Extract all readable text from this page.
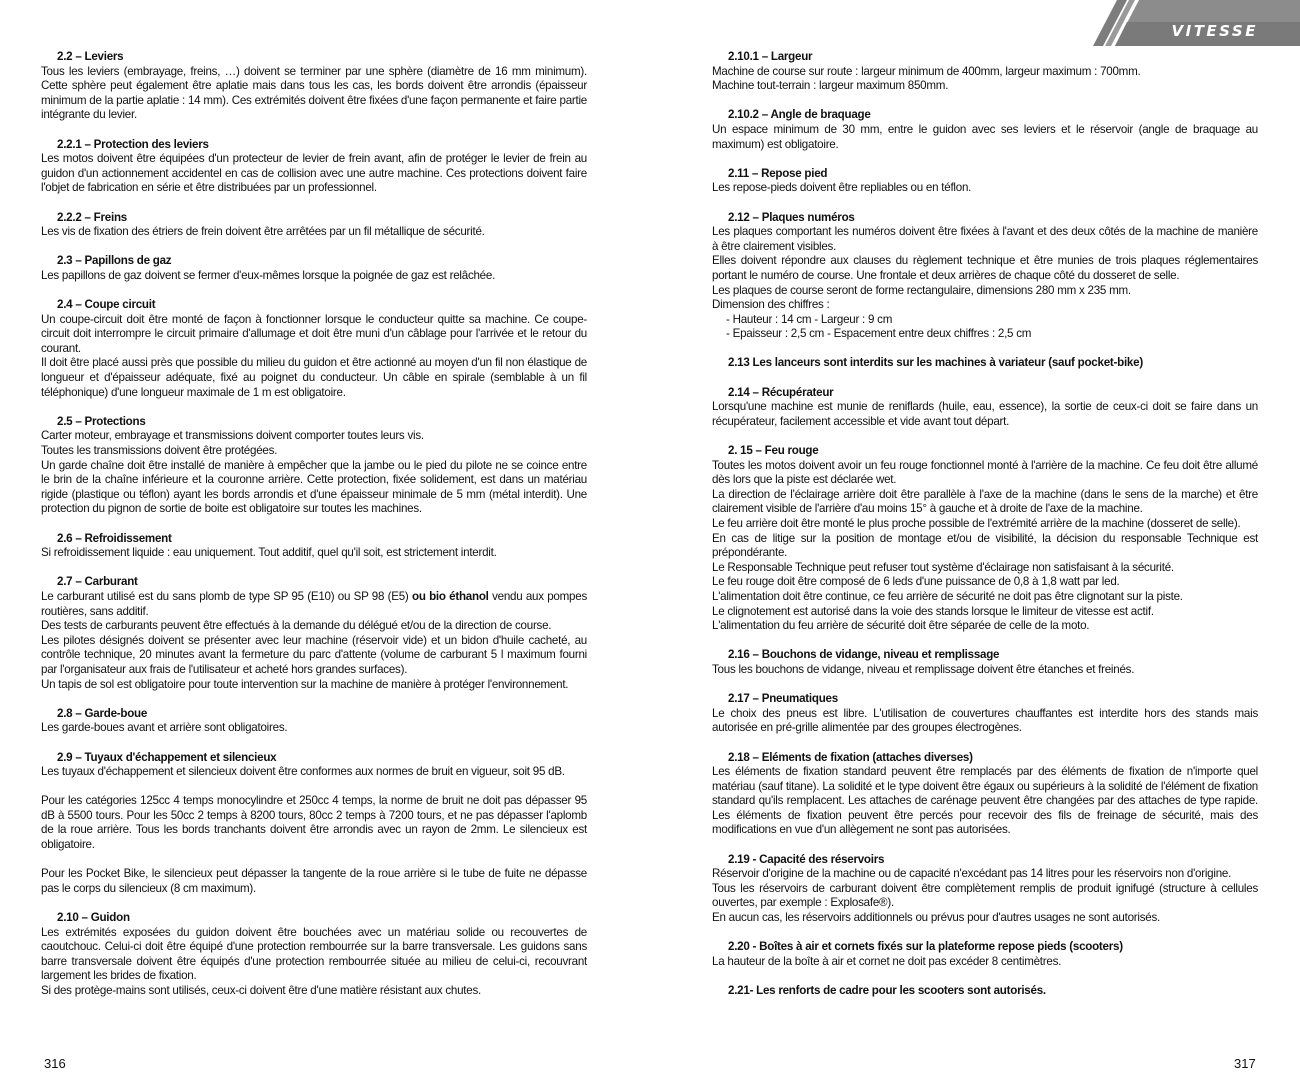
VITESSE
2.2 – Leviers
Tous les leviers (embrayage, freins, …) doivent se terminer par une sphère (diamètre de 16 mm minimum). Cette sphère peut également être aplatie mais dans tous les cas, les bords doivent être arrondis (épaisseur minimum de la partie aplatie : 14 mm). Ces extrémités doivent être fixées d'une façon permanente et faire partie intégrante du levier.
2.2.1 – Protection des leviers
Les motos doivent être équipées d'un protecteur de levier de frein avant, afin de protéger le levier de frein au guidon d'un actionnement accidentel en cas de collision avec une autre machine. Ces protections doivent faire l'objet de fabrication en série et être distribuées par un professionnel.
2.2.2 – Freins
Les vis de fixation des étriers de frein doivent être arrêtées par un fil métallique de sécurité.
2.3 – Papillons de gaz
Les papillons de gaz doivent se fermer d'eux-mêmes lorsque la poignée de gaz est relâchée.
2.4 – Coupe circuit
Un coupe-circuit doit être monté de façon à fonctionner lorsque le conducteur quitte sa machine. Ce coupe-circuit doit interrompre le circuit primaire d'allumage et doit être muni d'un câblage pour l'arrivée et le retour du courant.
Il doit être placé aussi près que possible du milieu du guidon et être actionné au moyen d'un fil non élastique de longueur et d'épaisseur adéquate, fixé au poignet du conducteur. Un câble en spirale (semblable à un fil téléphonique) d'une longueur maximale de 1 m est obligatoire.
2.5 – Protections
Carter moteur, embrayage et transmissions doivent comporter toutes leurs vis.
Toutes les transmissions doivent être protégées.
Un garde chaîne doit être installé de manière à empêcher que la jambe ou le pied du pilote ne se coince entre le brin de la chaîne inférieure et la couronne arrière. Cette protection, fixée solidement, est dans un matériau rigide (plastique ou téflon) ayant les bords arrondis et d'une épaisseur minimale de 5 mm (métal interdit). Une protection du pignon de sortie de boite est obligatoire sur toutes les machines.
2.6 – Refroidissement
Si refroidissement liquide : eau uniquement. Tout additif, quel qu'il soit, est strictement interdit.
2.7 – Carburant
Le carburant utilisé est du sans plomb de type SP 95 (E10) ou SP 98 (E5) ou bio éthanol vendu aux pompes routières, sans additif.
Des tests de carburants peuvent être effectués à la demande du délégué et/ou de la direction de course.
Les pilotes désignés doivent se présenter avec leur machine (réservoir vide) et un bidon d'huile cacheté, au contrôle technique, 20 minutes avant la fermeture du parc d'attente (volume de carburant 5 l maximum fourni par l'organisateur aux frais de l'utilisateur et acheté hors grandes surfaces).
Un tapis de sol est obligatoire pour toute intervention sur la machine de manière à protéger l'environnement.
2.8 – Garde-boue
Les garde-boues avant et arrière sont obligatoires.
2.9 – Tuyaux d'échappement et silencieux
Les tuyaux d'échappement et silencieux doivent être conformes aux normes de bruit en vigueur, soit 95 dB.
Pour les catégories 125cc 4 temps monocylindre et 250cc 4 temps, la norme de bruit ne doit pas dépasser 95 dB à 5500 tours. Pour les 50cc 2 temps à 8200 tours, 80cc 2 temps à 7200 tours, et ne pas dépasser l'aplomb de la roue arrière. Tous les bords tranchants doivent être arrondis avec un rayon de 2mm. Le silencieux est obligatoire.
Pour les Pocket Bike, le silencieux peut dépasser la tangente de la roue arrière si le tube de fuite ne dépasse pas le corps du silencieux (8 cm maximum).
2.10 – Guidon
Les extrémités exposées du guidon doivent être bouchées avec un matériau solide ou recouvertes de caoutchouc. Celui-ci doit être équipé d'une protection rembourrée sur la barre transversale. Les guidons sans barre transversale doivent être équipés d'une protection rembourrée située au milieu de celui-ci, recouvrant largement les brides de fixation.
Si des protège-mains sont utilisés, ceux-ci doivent être d'une matière résistant aux chutes.
2.10.1 – Largeur
Machine de course sur route : largeur minimum de 400mm, largeur maximum : 700mm.
Machine tout-terrain : largeur maximum 850mm.
2.10.2 – Angle de braquage
Un espace minimum de 30 mm, entre le guidon avec ses leviers et le réservoir (angle de braquage au maximum) est obligatoire.
2.11 – Repose pied
Les repose-pieds doivent être repliables ou en téflon.
2.12 – Plaques numéros
Les plaques comportant les numéros doivent être fixées à l'avant et des deux côtés de la machine de manière à être clairement visibles.
Elles doivent répondre aux clauses du règlement technique et être munies de trois plaques réglementaires portant le numéro de course. Une frontale et deux arrières de chaque côté du dosseret de selle.
Les plaques de course seront de forme rectangulaire, dimensions 280 mm x 235 mm.
Dimension des chiffres :
- Hauteur : 14 cm - Largeur : 9 cm
- Epaisseur : 2,5 cm - Espacement entre deux chiffres : 2,5 cm
2.13 Les lanceurs sont interdits sur les machines à variateur (sauf pocket-bike)
2.14 – Récupérateur
Lorsqu'une machine est munie de reniflards (huile, eau, essence), la sortie de ceux-ci doit se faire dans un récupérateur, facilement accessible et vide avant tout départ.
2. 15 – Feu rouge
Toutes les motos doivent avoir un feu rouge fonctionnel monté à l'arrière de la machine. Ce feu doit être allumé dès lors que la piste est déclarée wet.
La direction de l'éclairage arrière doit être parallèle à l'axe de la machine (dans le sens de la marche) et être clairement visible de l'arrière d'au moins 15° à gauche et à droite de l'axe de la machine.
Le feu arrière doit être monté le plus proche possible de l'extrémité arrière de la machine (dosseret de selle).
En cas de litige sur la position de montage et/ou de visibilité, la décision du responsable Technique est prépondérante.
Le Responsable Technique peut refuser tout système d'éclairage non satisfaisant à la sécurité.
Le feu rouge doit être composé de 6 leds d'une puissance de 0,8 à 1,8 watt par led.
L'alimentation doit être continue, ce feu arrière de sécurité ne doit pas être clignotant sur la piste.
Le clignotement est autorisé dans la voie des stands lorsque le limiteur de vitesse est actif.
L'alimentation du feu arrière de sécurité doit être séparée de celle de la moto.
2.16 – Bouchons de vidange, niveau et remplissage
Tous les bouchons de vidange, niveau et remplissage doivent être étanches et freinés.
2.17 – Pneumatiques
Le choix des pneus est libre. L'utilisation de couvertures chauffantes est interdite hors des stands mais autorisée en pré-grille alimentée par des groupes électrogènes.
2.18 – Eléments de fixation (attaches diverses)
Les éléments de fixation standard peuvent être remplacés par des éléments de fixation de n'importe quel matériau (sauf titane). La solidité et le type doivent être égaux ou supérieurs à la solidité de l'élément de fixation standard qu'ils remplacent. Les attaches de carénage peuvent être changées par des attaches de type rapide. Les éléments de fixation peuvent être percés pour recevoir des fils de freinage de sécurité, mais des modifications en vue d'un allègement ne sont pas autorisées.
2.19 - Capacité des réservoirs
Réservoir d'origine de la machine ou de capacité n'excédant pas 14 litres pour les réservoirs non d'origine.
Tous les réservoirs de carburant doivent être complètement remplis de produit ignifugé (structure à cellules ouvertes, par exemple : Explosafe®).
En aucun cas, les réservoirs additionnels ou prévus pour d'autres usages ne sont autorisés.
2.20 - Boîtes à air et cornets fixés sur la plateforme repose pieds (scooters)
La hauteur de la boîte à air et cornet ne doit pas excéder 8 centimètres.
2.21- Les renforts de cadre pour les scooters sont autorisés.
316	317
